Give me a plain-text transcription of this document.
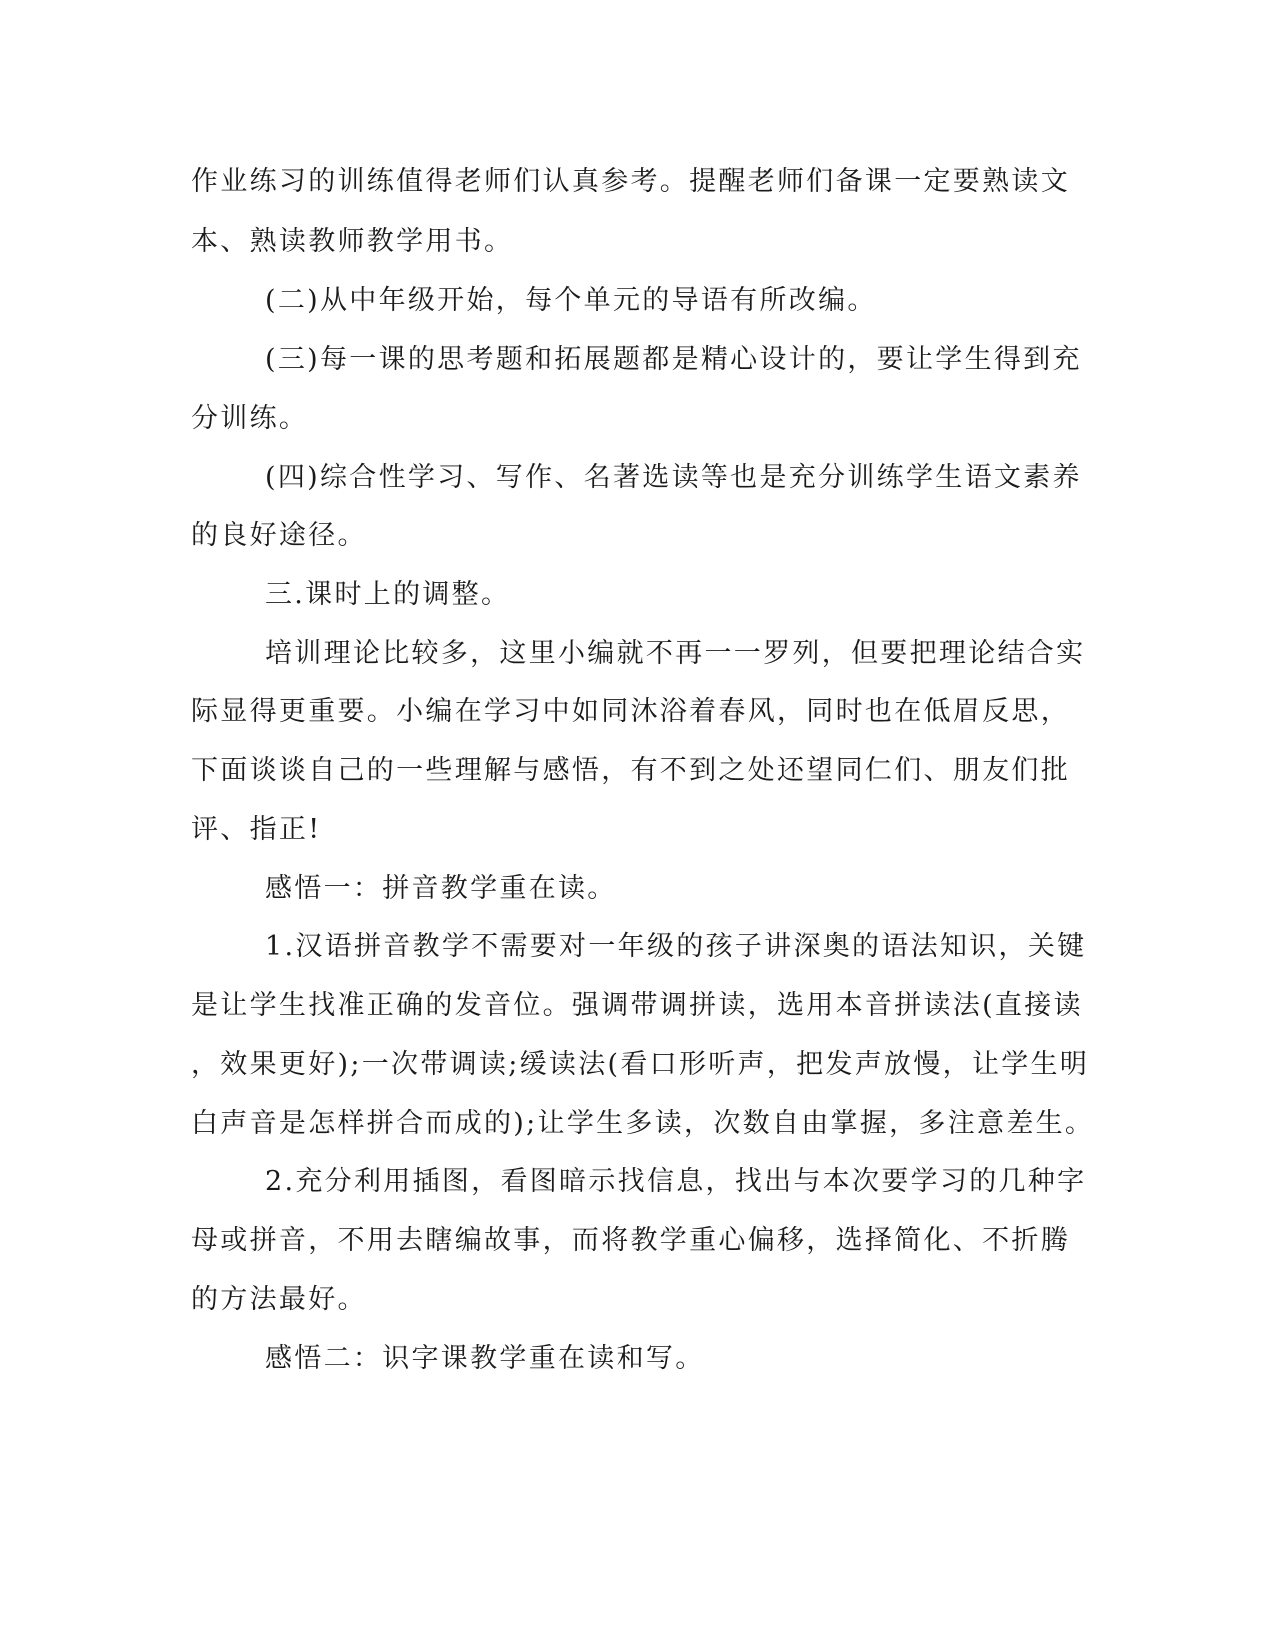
作业练习的训练值得老师们认真参考。提醒老师们备课一定要熟读文
本、熟读教师教学用书。
(二)从中年级开始，每个单元的导语有所改编。
(三)每一课的思考题和拓展题都是精心设计的，要让学生得到充
分训练。
(四)综合性学习、写作、名著选读等也是充分训练学生语文素养
的良好途径。
三.课时上的调整。
培训理论比较多，这里小编就不再一一罗列，但要把理论结合实
际显得更重要。小编在学习中如同沐浴着春风，同时也在低眉反思，
下面谈谈自己的一些理解与感悟，有不到之处还望同仁们、朋友们批
评、指正!
感悟一：拼音教学重在读。
1.汉语拼音教学不需要对一年级的孩子讲深奥的语法知识，关键
是让学生找准正确的发音位。强调带调拼读，选用本音拼读法(直接读
，效果更好);一次带调读;缓读法(看口形听声，把发声放慢，让学生明
白声音是怎样拼合而成的);让学生多读，次数自由掌握，多注意差生。
2.充分利用插图，看图暗示找信息，找出与本次要学习的几种字
母或拼音，不用去瞎编故事，而将教学重心偏移，选择简化、不折腾
的方法最好。
感悟二：识字课教学重在读和写。
